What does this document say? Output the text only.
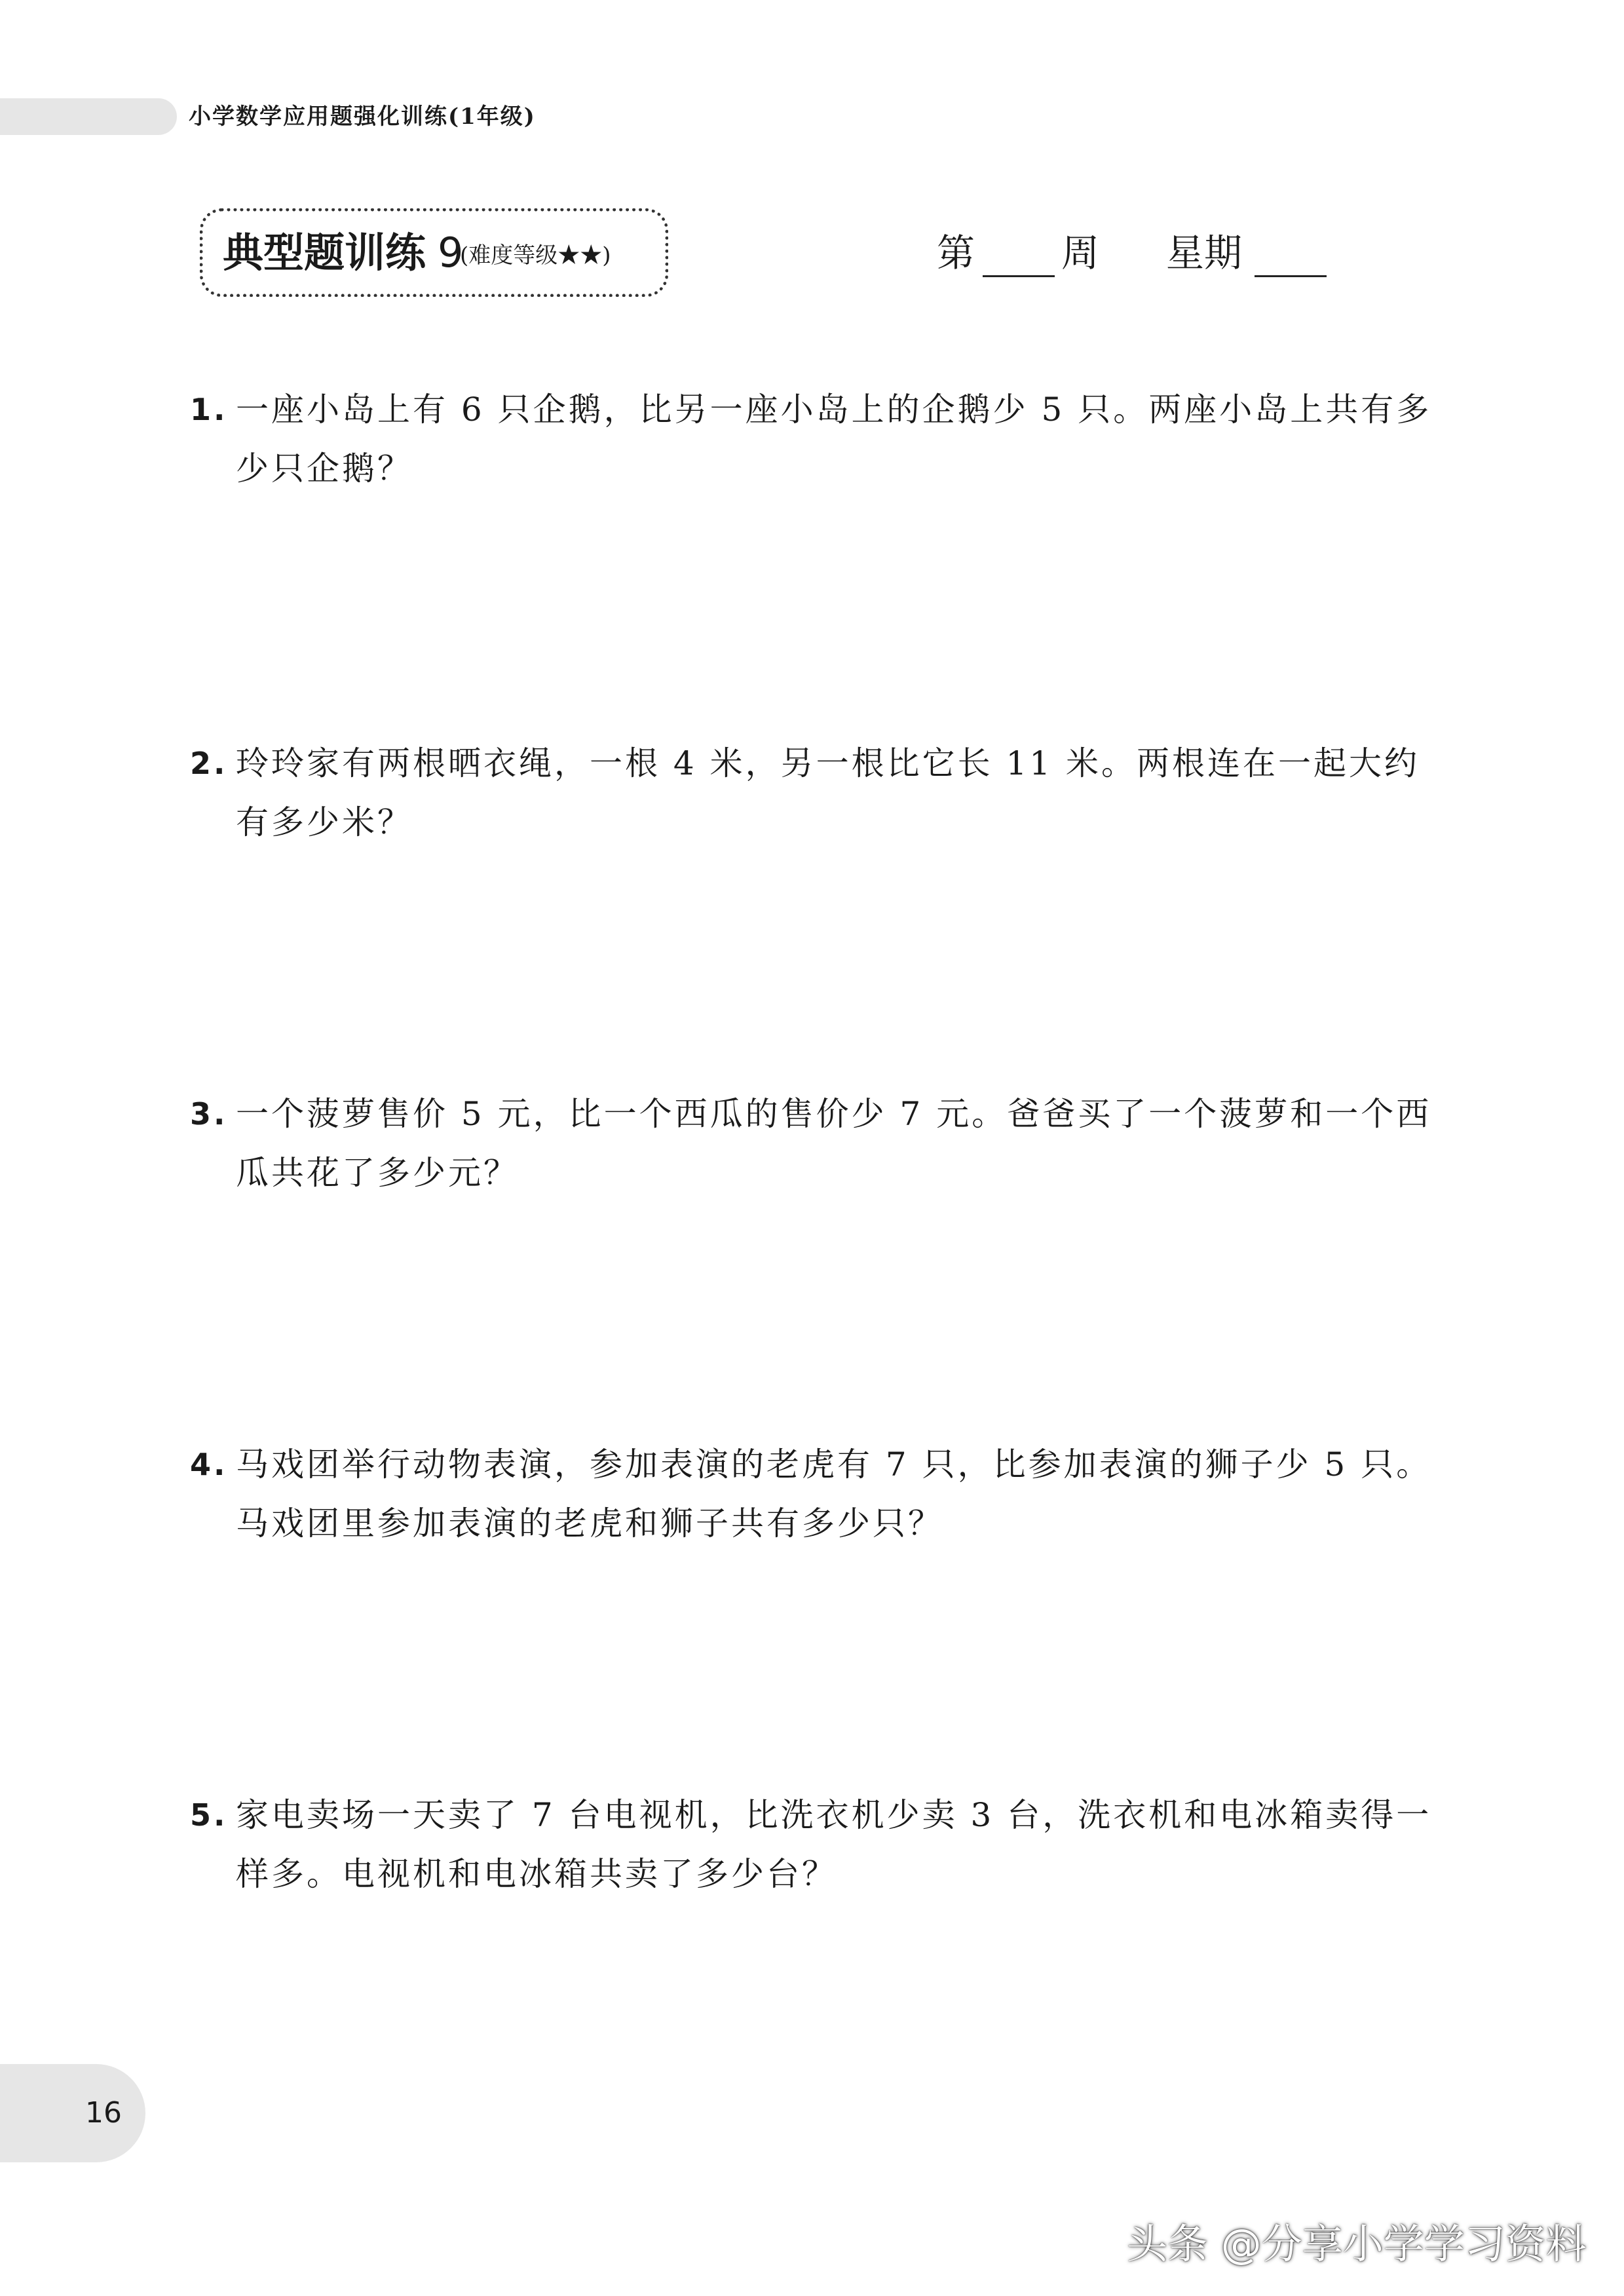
小学数学应用题强化训练(1年级)
典型题训练 9
(难度等级★★)	第 周 星期
1. 一座小岛上有 6 只企鹅，比另一座小岛上的企鹅少 5 只。两座小岛上共有多少只企鹅？
2. 玲玲家有两根晒衣绳，一根 4 米，另一根比它长 11 米。两根连在一起大约有多少米？
3. 一个菠萝售价 5 元，比一个西瓜的售价少 7 元。爸爸买了一个菠萝和一个西瓜共花了多少元？
4. 马戏团举行动物表演，参加表演的老虎有 7 只，比参加表演的狮子少 5 只。马戏团里参加表演的老虎和狮子共有多少只？
5. 家电卖场一天卖了 7 台电视机，比洗衣机少卖 3 台，洗衣机和电冰箱卖得一样多。电视机和电冰箱共卖了多少台？
16
头条 @分享小学学习资料
